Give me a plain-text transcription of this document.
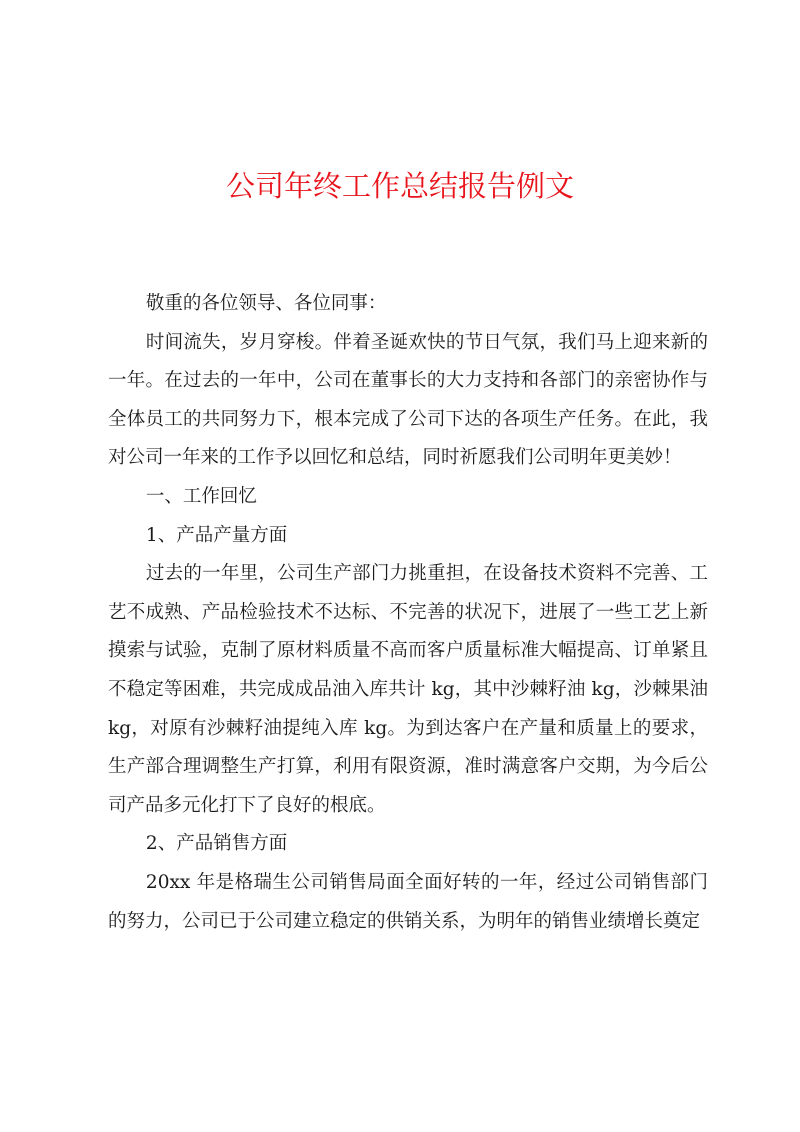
公司年终工作总结报告例文

敬重的各位领导、各位同事：

时间流失，岁月穿梭。伴着圣诞欢快的节日气氛，我们马上迎来新的一年。在过去的一年中，公司在董事长的大力支持和各部门的亲密协作与全体员工的共同努力下，根本完成了公司下达的各项生产任务。在此，我对公司一年来的工作予以回忆和总结，同时祈愿我们公司明年更美妙！

一、工作回忆

1、产品产量方面

过去的一年里，公司生产部门力挑重担，在设备技术资料不完善、工艺不成熟、产品检验技术不达标、不完善的状况下，进展了一些工艺上新摸索与试验，克制了原材料质量不高而客户质量标准大幅提高、订单紧且不稳定等困难，共完成成品油入库共计 kg，其中沙棘籽油 kg，沙棘果油 kg，对原有沙棘籽油提纯入库 kg。为到达客户在产量和质量上的要求，生产部合理调整生产打算，利用有限资源，准时满意客户交期，为今后公司产品多元化打下了良好的根底。

2、产品销售方面

20xx 年是格瑞生公司销售局面全面好转的一年，经过公司销售部门的努力，公司已于公司建立稳定的供销关系，为明年的销售业绩增长奠定
